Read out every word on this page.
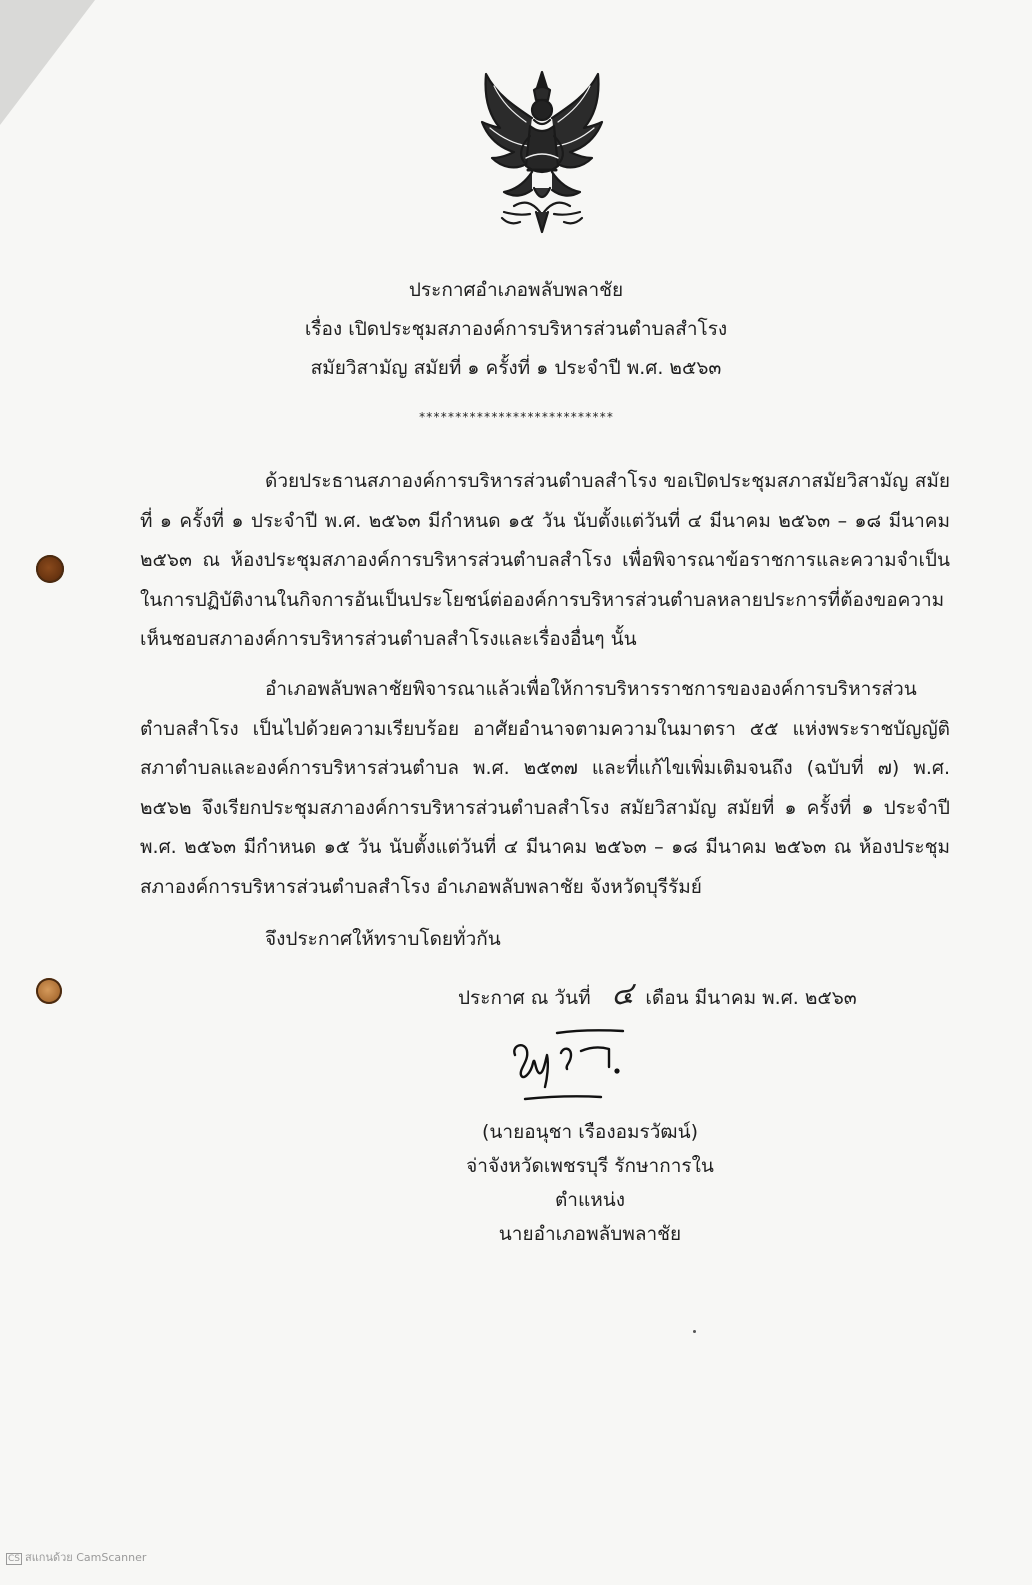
ประกาศอำเภอพลับพลาชัย
เรื่อง เปิดประชุมสภาองค์การบริหารส่วนตำบลสำโรง
สมัยวิสามัญ สมัยที่ ๑ ครั้งที่ ๑ ประจำปี พ.ศ. ๒๕๖๓
***************************
ด้วยประธานสภาองค์การบริหารส่วนตำบลสำโรง ขอเปิดประชุมสภาสมัยวิสามัญ สมัยที่ ๑ ครั้งที่ ๑ ประจำปี พ.ศ. ๒๕๖๓ มีกำหนด ๑๕ วัน นับตั้งแต่วันที่ ๔ มีนาคม ๒๕๖๓ – ๑๘ มีนาคม ๒๕๖๓ ณ ห้องประชุมสภาองค์การบริหารส่วนตำบลสำโรง เพื่อพิจารณาข้อราชการและความจำเป็นในการปฏิบัติงานในกิจการอันเป็นประโยชน์ต่อองค์การบริหารส่วนตำบลหลายประการที่ต้องขอความเห็นชอบสภาองค์การบริหารส่วนตำบลสำโรงและเรื่องอื่นๆ นั้น
อำเภอพลับพลาชัยพิจารณาแล้วเพื่อให้การบริหารราชการขององค์การบริหารส่วนตำบลสำโรง เป็นไปด้วยความเรียบร้อย อาศัยอำนาจตามความในมาตรา ๕๕ แห่งพระราชบัญญัติสภาตำบลและองค์การบริหารส่วนตำบล พ.ศ. ๒๕๓๗ และที่แก้ไขเพิ่มเติมจนถึง (ฉบับที่ ๗) พ.ศ. ๒๕๖๒ จึงเรียกประชุมสภาองค์การบริหารส่วนตำบลสำโรง สมัยวิสามัญ สมัยที่ ๑ ครั้งที่ ๑ ประจำปี พ.ศ. ๒๕๖๓ มีกำหนด ๑๕ วัน นับตั้งแต่วันที่ ๔ มีนาคม ๒๕๖๓ – ๑๘ มีนาคม ๒๕๖๓ ณ ห้องประชุมสภาองค์การบริหารส่วนตำบลสำโรง อำเภอพลับพลาชัย จังหวัดบุรีรัมย์
จึงประกาศให้ทราบโดยทั่วกัน
ประกาศ ณ วันที่ ๔ เดือน มีนาคม พ.ศ. ๒๕๖๓
(นายอนุชา เรืองอมรวัฒน์)
จ่าจังหวัดเพชรบุรี รักษาการในตำแหน่ง
นายอำเภอพลับพลาชัย
CS สแกนด้วย CamScanner
